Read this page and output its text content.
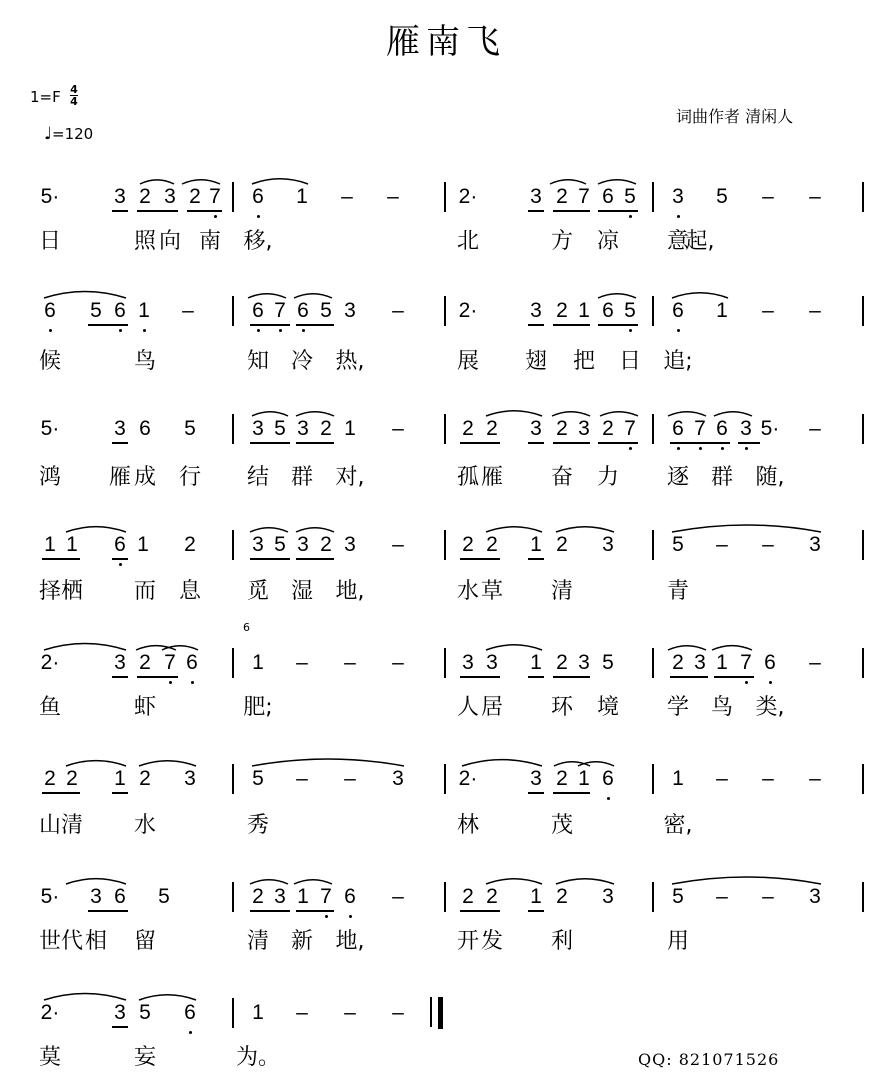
雁南飞
1=F 4
4
♩=120
词曲作者 清闲人
QQ: 821071526
6
5·	3 2 3 2 7 6 1 – –	2·	3 2 7 6 5 3 5 – –
日	照 向 南 移,	北	方 凉 意
起,
6 5 6 1 –	6 7 6 5 3 –	2·	3 2 1 6 5 6 1 – –
候	鸟	知 冷 热,	展 翅 把 日 追;
5·	3 6 5	3 5 3 2 1 –	2 2 3 2 3 2 7 6 7 6 3 5· –
鸿 雁 成 行 结 群 对,	孤 雁 奋 力 逐 群 随,
1 1 6 1 2	3 5 3 2 3 –	2 2 1 2 3	5 – – 3
择 栖 而 息 觅 湿 地,	水 草 清	青
2·	3 2 7 6	1 – – –	3 3 1 2 3 5	2 3 1 7 6 –
鱼	虾	肥;	人 居 环 境 学 鸟 类,
2 2 1 2 3	5 – – 3	2·	3 2 1 6	1 – – –
山 清 水	秀	林	茂	密,
5· 3 6 5	2 3 1 7 6 –	2 2 1 2 3	5 – – 3
世 代 相 留	清 新 地,	开 发 利	用
2·	3 5 6	1 – – –
莫	妄	为。
